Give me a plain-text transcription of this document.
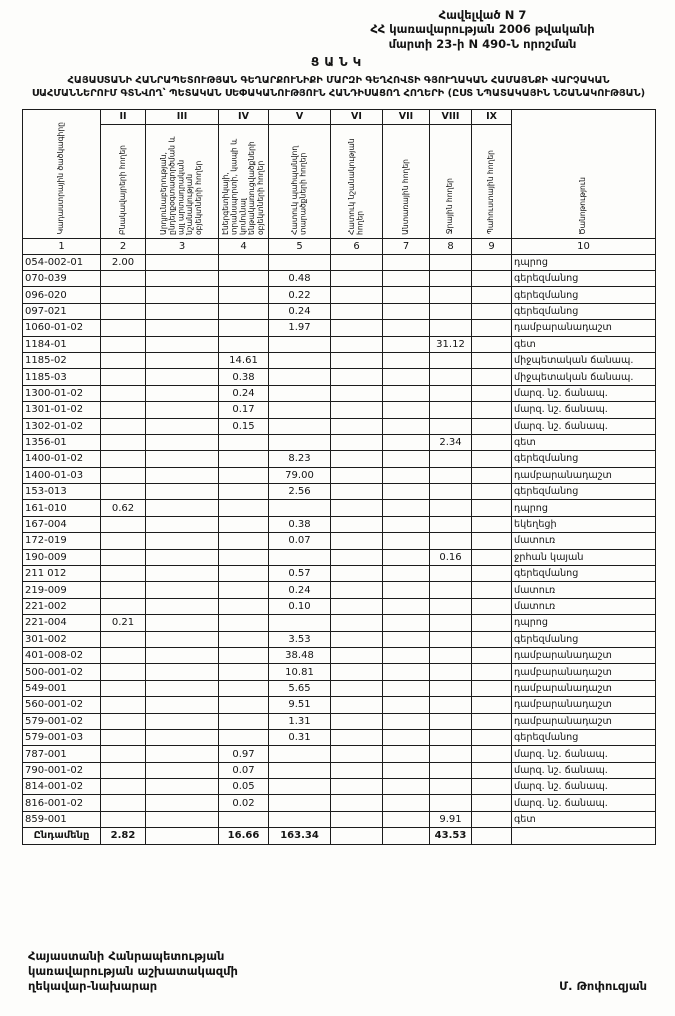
Հավելված N 7
ՀՀ կառավարության 2006 թվականի
մարտի 23-ի N 490-Ն որոշման
ՑԱՆԿ
ՀԱՅԱՍՏԱՆԻ ՀԱՆՐԱՊԵՏՈՒԹՅԱՆ ԳԵՂԱՐՔՈՒՆԻՔԻ ՄԱՐԶԻ ԳԵՂՀՈՎՏԻ ԳՅՈՒՂԱԿԱՆ ՀԱՄԱՅՆՔԻ ՎԱՐՉԱԿԱՆ ՍԱՀՄԱՆՆԵՐՈՒՄ ԳՏՆՎՈՂ՝ ՊԵՏԱԿԱՆ ՍԵՓԱԿԱՆՈՒԹՅՈՒՆ ՀԱՆԴԻՍԱՑՈՂ ՀՈՂԵՐԻ (ԸՍՏ ՆՊԱՏԱԿԱՅԻՆ ՆՇԱՆԱԿՈՒԹՅԱՆ)
Կադաստրային ծածկագիրը	II	III	IV	V	VI	VII	VIII	IX	Ծանոթություն
	Բնակավայրերի հողեր	Արդյունաբերության, ընդերքօգտագործման և այլ արտադրական նշանակության օբյեկտների հողեր	Էներգետիկայի, տրանսպորտի, կապի և կոմունալ ենթակառուցվածքների օբյեկտների հողեր	Հատուկ պահպանվող տարածքների հողեր	Հատուկ նշանակության հողեր	Անտառային հողեր	Ջրային հողեր	Պահուստային հողեր	
1	2	3	4	5	6	7	8	9	10
054-002-01	2.00								դպրոց
070-039				0.48					գերեզմանոց
096-020				0.22					գերեզմանոց
097-021				0.24					գերեզմանոց
1060-01-02				1.97					դամբարանադաշտ
1184-01							31.12		գետ
1185-02			14.61						միջպետական ճանապ.
1185-03			0.38						միջպետական ճանապ.
1300-01-02			0.24						մարզ. նշ. ճանապ.
1301-01-02			0.17						մարզ. նշ. ճանապ.
1302-01-02			0.15						մարզ. նշ. ճանապ.
1356-01							2.34		գետ
1400-01-02				8.23					գերեզմանոց
1400-01-03				79.00					դամբարանադաշտ
153-013				2.56					գերեզմանոց
161-010	0.62								դպրոց
167-004				0.38					եկեղեցի
172-019				0.07					մատուռ
190-009							0.16		ջրհան կայան
211 012				0.57					գերեզմանոց
219-009				0.24					մատուռ
221-002				0.10					մատուռ
221-004	0.21								դպրոց
301-002				3.53					գերեզմանոց
401-008-02				38.48					դամբարանադաշտ
500-001-02				10.81					դամբարանադաշտ
549-001				5.65					դամբարանադաշտ
560-001-02				9.51					դամբարանադաշտ
579-001-02				1.31					դամբարանադաշտ
579-001-03				0.31					գերեզմանոց
787-001			0.97						մարզ. նշ. ճանապ.
790-001-02			0.07						մարզ. նշ. ճանապ.
814-001-02			0.05						մարզ. նշ. ճանապ.
816-001-02			0.02						մարզ. նշ. ճանապ.
859-001							9.91		գետ
Ընդամենը	2.82		16.66	163.34			43.53		
Հայաստանի Հանրապետության
կառավարության աշխատակազմի
ղեկավար-նախարար	Մ. Թոփուզյան
